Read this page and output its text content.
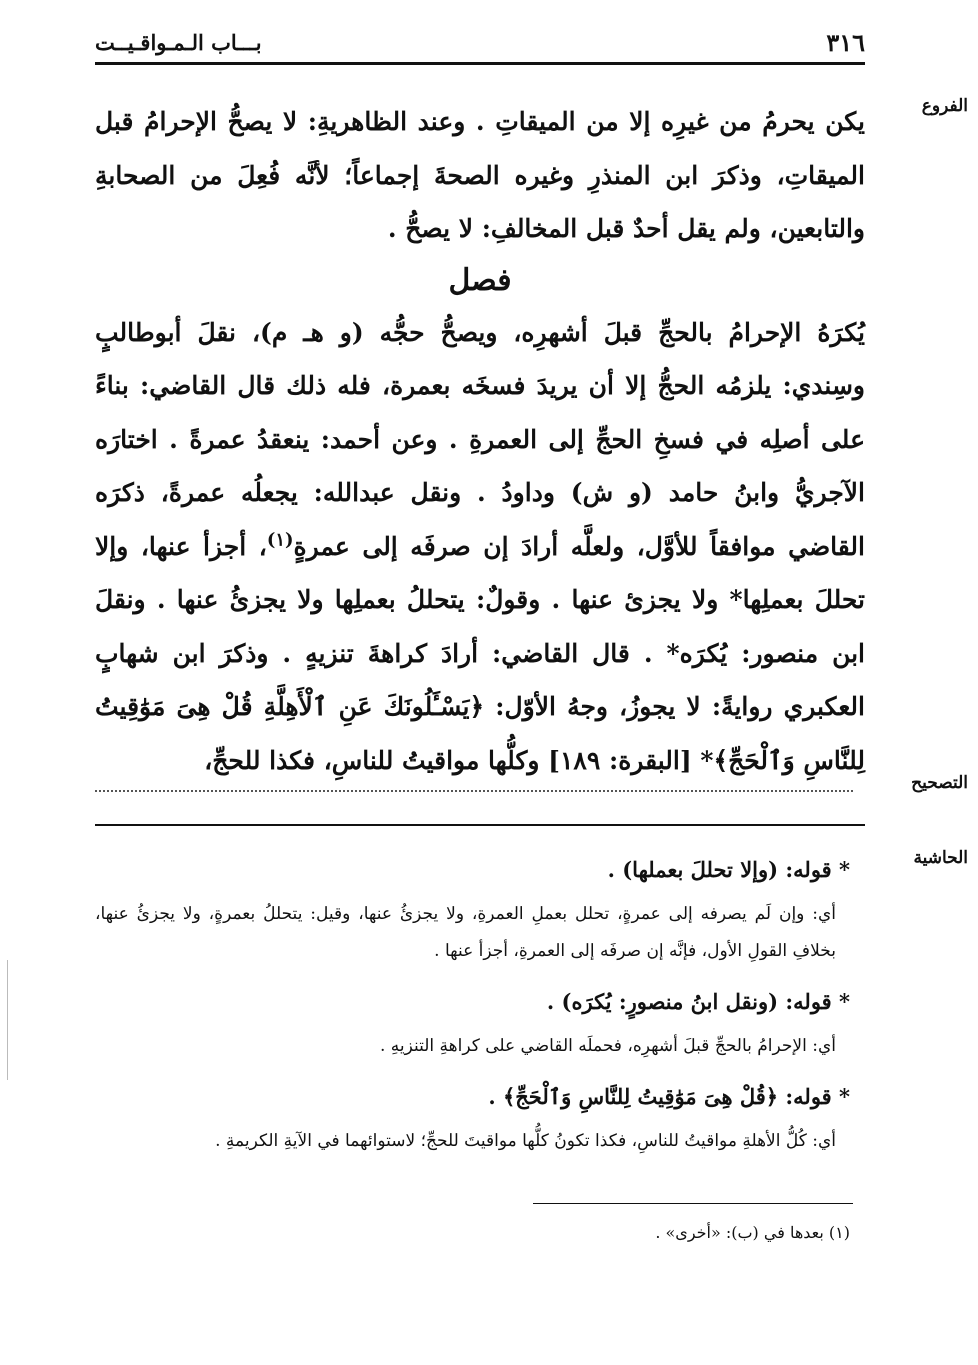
٣١٦
بـــاب الـمـواقـيــت
الفروع

يكن يحرمُ من غيرِه إلا من الميقاتِ . وعند الظاهريةِ: لا يصحُّ الإحرامُ قبل الميقاتِ، وذكرَ ابن المنذرِ وغيره الصحةَ إجماعاً؛ لأنَّه فُعِلَ من الصحابةِ والتابعين، ولم يقل أحدٌ قبل المخالفِ: لا يصحُّ .

فصل

يُكرَهُ الإحرامُ بالحجِّ قبلَ أشهرِه، ويصحُّ حجُّه (و هـ م)، نقلَ أبوطالبٍ وسِندي: يلزمُه الحجُّ إلا أن يريدَ فسخَه بعمرة، فله ذلك قال القاضي: بناءً على أصلِه في فسخِ الحجِّ إلى العمرةِ . وعن أحمد: ينعقدُ عمرةً . اختارَه الآجريُّ وابنُ حامد (و ش) وداودُ . ونقل عبدالله: يجعلُه عمرةً، ذكرَه القاضي موافقاً للأوَّل، ولعلَّه أرادَ إن صرفَه إلى عمرةٍ$^{(١)}$، أجزأ عنها، وإلا تحللَ بعملِها* ولا يجزئ عنها . وقولٌ: يتحللُ بعملِها ولا يجزئُ عنها . ونقلَ ابن منصور: يُكرَه* . قال القاضي: أرادَ كراهةَ تنزيهٍ . وذكرَ ابن شهابٍ العكبري روايةً: لا يجوزُ، وجهُ الأوّل: ﴿يَسْـَٔلُونَكَ عَنِ ٱلْأَهِلَّةِ قُلْ هِىَ مَوَٰقِيتُ لِلنَّاسِ وَٱلْحَجِّ﴾* [البقرة: ١٨٩] وكلُّها مواقيتُ للناسِ، فكذا للحجِّ،

التصحيح
الحاشية

* قوله: (وإلا تحللَ بعملها) .

أي: وإن لَم يصرفه إلى عمرةٍ، تحلل بعملِ العمرةِ، ولا يجزئُ عنها، وقيل: يتحللُ بعمرةٍ، ولا يجزئُ عنها، بخلافِ القولِ الأول، فإنَّه إن صرفَه إلى العمرةِ، أجزأ عنها .

* قوله: (ونقل ابنُ منصورٍ: يُكرَه) .

أي: الإحرامُ بالحجِّ قبلَ أشهرِه، فحملَه القاضي على كراهةِ التنزيهِ .

* قوله: ﴿قُلْ هِىَ مَوَٰقِيتُ لِلنَّاسِ وَٱلْحَجِّ﴾ .

أي: كُلُّ الأهلةِ مواقيتُ للناسِ، فكذا تكونُ كلُّها مواقيتَ للحجِّ؛ لاستوائهما في الآيةِ الكريمةِ .

(١) بعدها في (ب): «أخرى» .
